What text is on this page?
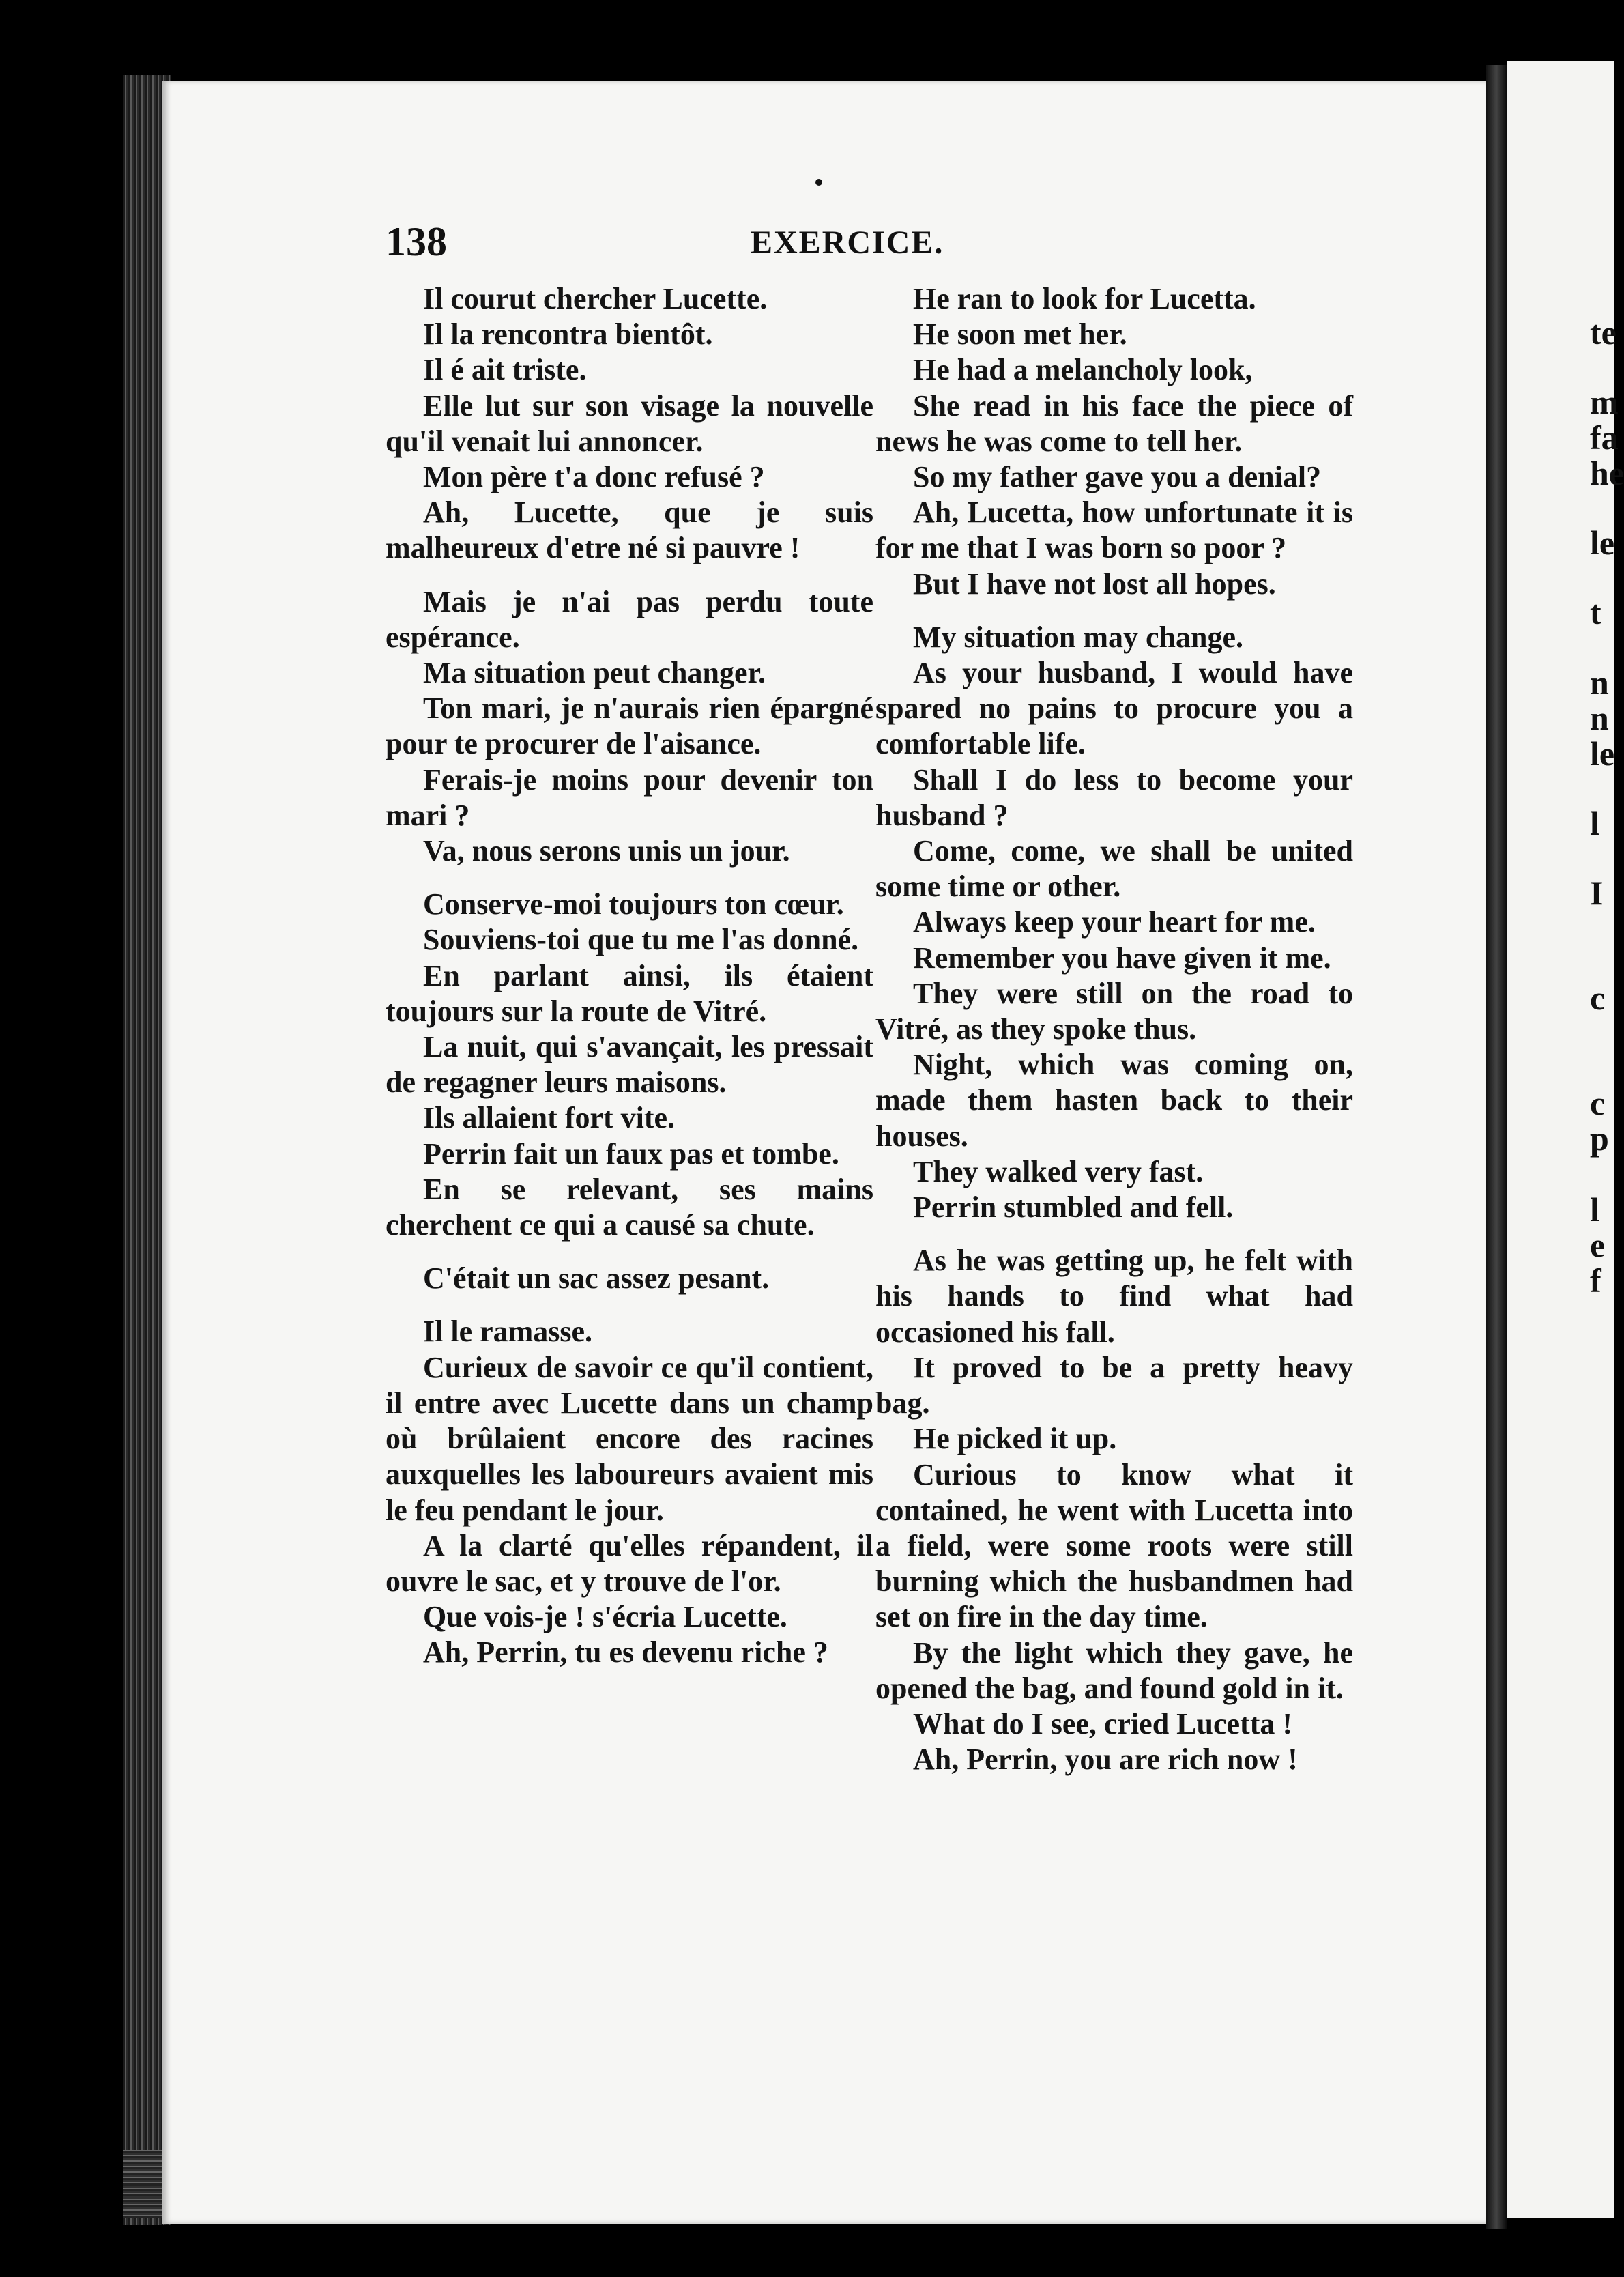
te
m
fa
he
le
t
n
n
le
l
I
c
c
p
l
e
f
138	EXERCICE.

Il courut chercher Lucette.

Il la rencontra bientôt.

Il é ait triste.

Elle lut sur son visage la nouvelle qu'il venait lui annoncer.

Mon père t'a donc refusé ?

Ah, Lucette, que je suis malheureux d'etre né si pauvre !

Mais je n'ai pas perdu toute espérance.

Ma situation peut changer.

Ton mari, je n'aurais rien épargné pour te procurer de l'aisance.

Ferais-je moins pour devenir ton mari ?

Va, nous serons unis un jour.

Conserve-moi toujours ton cœur.

Souviens-toi que tu me l'as donné.

En parlant ainsi, ils étaient toujours sur la route de Vitré.

La nuit, qui s'avançait, les pressait de regagner leurs maisons.

Ils allaient fort vite.

Perrin fait un faux pas et tombe.

En se relevant, ses mains cherchent ce qui a causé sa chute.

C'était un sac assez pesant.

Il le ramasse.

Curieux de savoir ce qu'il contient, il entre avec Lucette dans un champ où brûlaient encore des racines auxquelles les laboureurs avaient mis le feu pendant le jour.

A la clarté qu'elles répandent, il ouvre le sac, et y trouve de l'or.

Que vois-je ! s'écria Lucette.

Ah, Perrin, tu es devenu riche ?

He ran to look for Lucetta.

He soon met her.

He had a melancholy look,

She read in his face the piece of news he was come to tell her.

So my father gave you a denial?

Ah, Lucetta, how unfortunate it is for me that I was born so poor ?

But I have not lost all hopes.

My situation may change.

As your husband, I would have spared no pains to procure you a comfortable life.

Shall I do less to become your husband ?

Come, come, we shall be united some time or other.

Always keep your heart for me.

Remember you have given it me.

They were still on the road to Vitré, as they spoke thus.

Night, which was coming on, made them hasten back to their houses.

They walked very fast.

Perrin stumbled and fell.

As he was getting up, he felt with his hands to find what had occasioned his fall.

It proved to be a pretty heavy bag.

He picked it up.

Curious to know what it contained, he went with Lucetta into a field, were some roots were still burning which the husbandmen had set on fire in the day time.

By the light which they gave, he opened the bag, and found gold in it.

What do I see, cried Lucetta !

Ah, Perrin, you are rich now !
